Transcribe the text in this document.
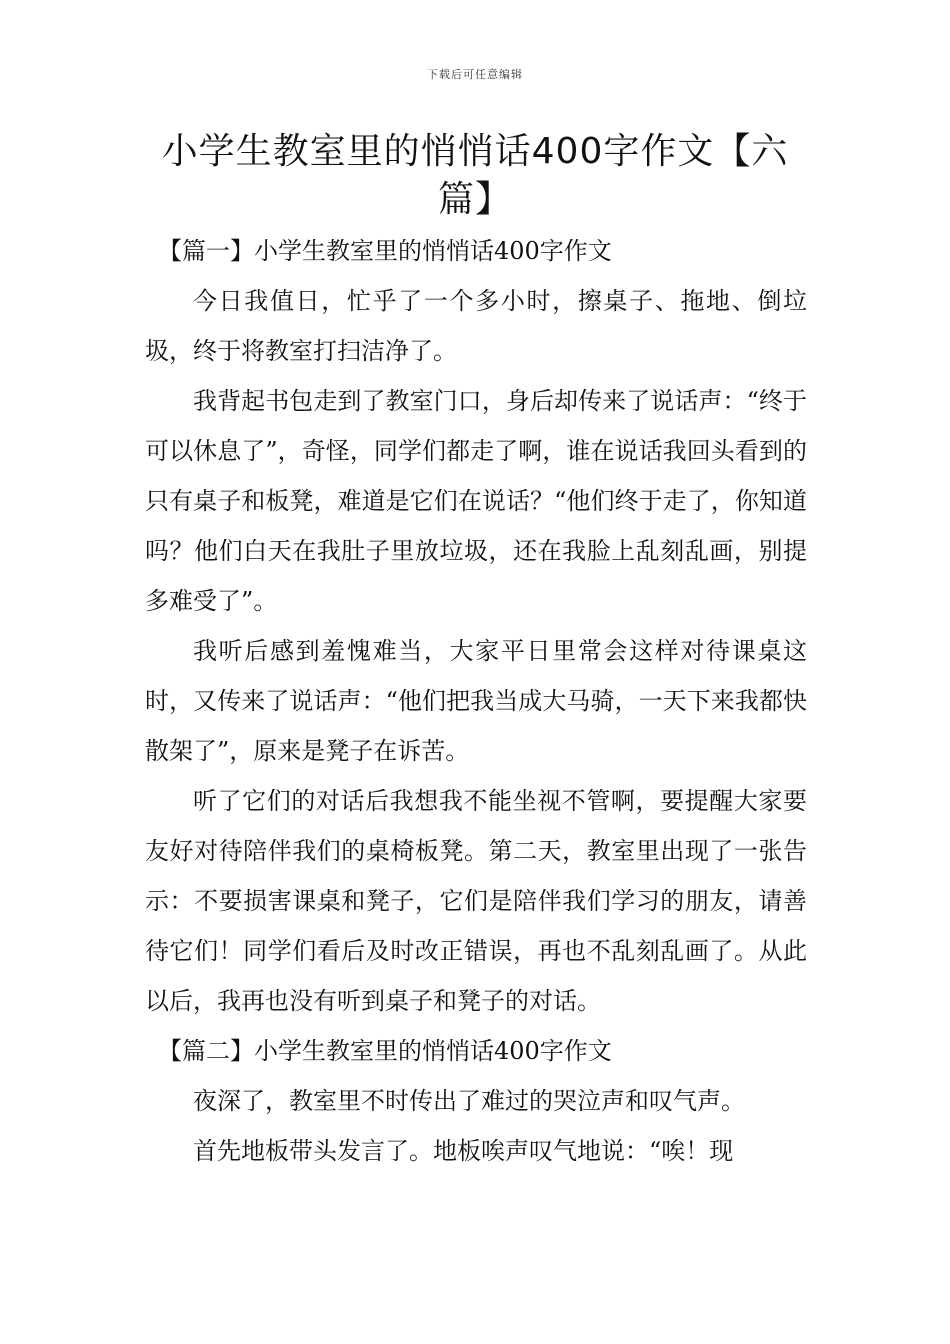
下载后可任意编辑
小学生教室里的悄悄话400字作文【六篇】
【篇一】小学生教室里的悄悄话400字作文

今日我值日，忙乎了一个多小时，擦桌子、拖地、倒垃圾，终于将教室打扫洁净了。

我背起书包走到了教室门口，身后却传来了说话声：“终于可以休息了”，奇怪，同学们都走了啊，谁在说话我回头看到的只有桌子和板凳，难道是它们在说话？“他们终于走了，你知道吗？他们白天在我肚子里放垃圾，还在我脸上乱刻乱画，别提多难受了”。

我听后感到羞愧难当，大家平日里常会这样对待课桌这时，又传来了说话声：“他们把我当成大马骑，一天下来我都快散架了”，原来是凳子在诉苦。

听了它们的对话后我想我不能坐视不管啊，要提醒大家要友好对待陪伴我们的桌椅板凳。第二天，教室里出现了一张告示：不要损害课桌和凳子，它们是陪伴我们学习的朋友，请善待它们！同学们看后及时改正错误，再也不乱刻乱画了。从此以后，我再也没有听到桌子和凳子的对话。

【篇二】小学生教室里的悄悄话400字作文

夜深了，教室里不时传出了难过的哭泣声和叹气声。

首先地板带头发言了。地板唉声叹气地说：“唉！现
